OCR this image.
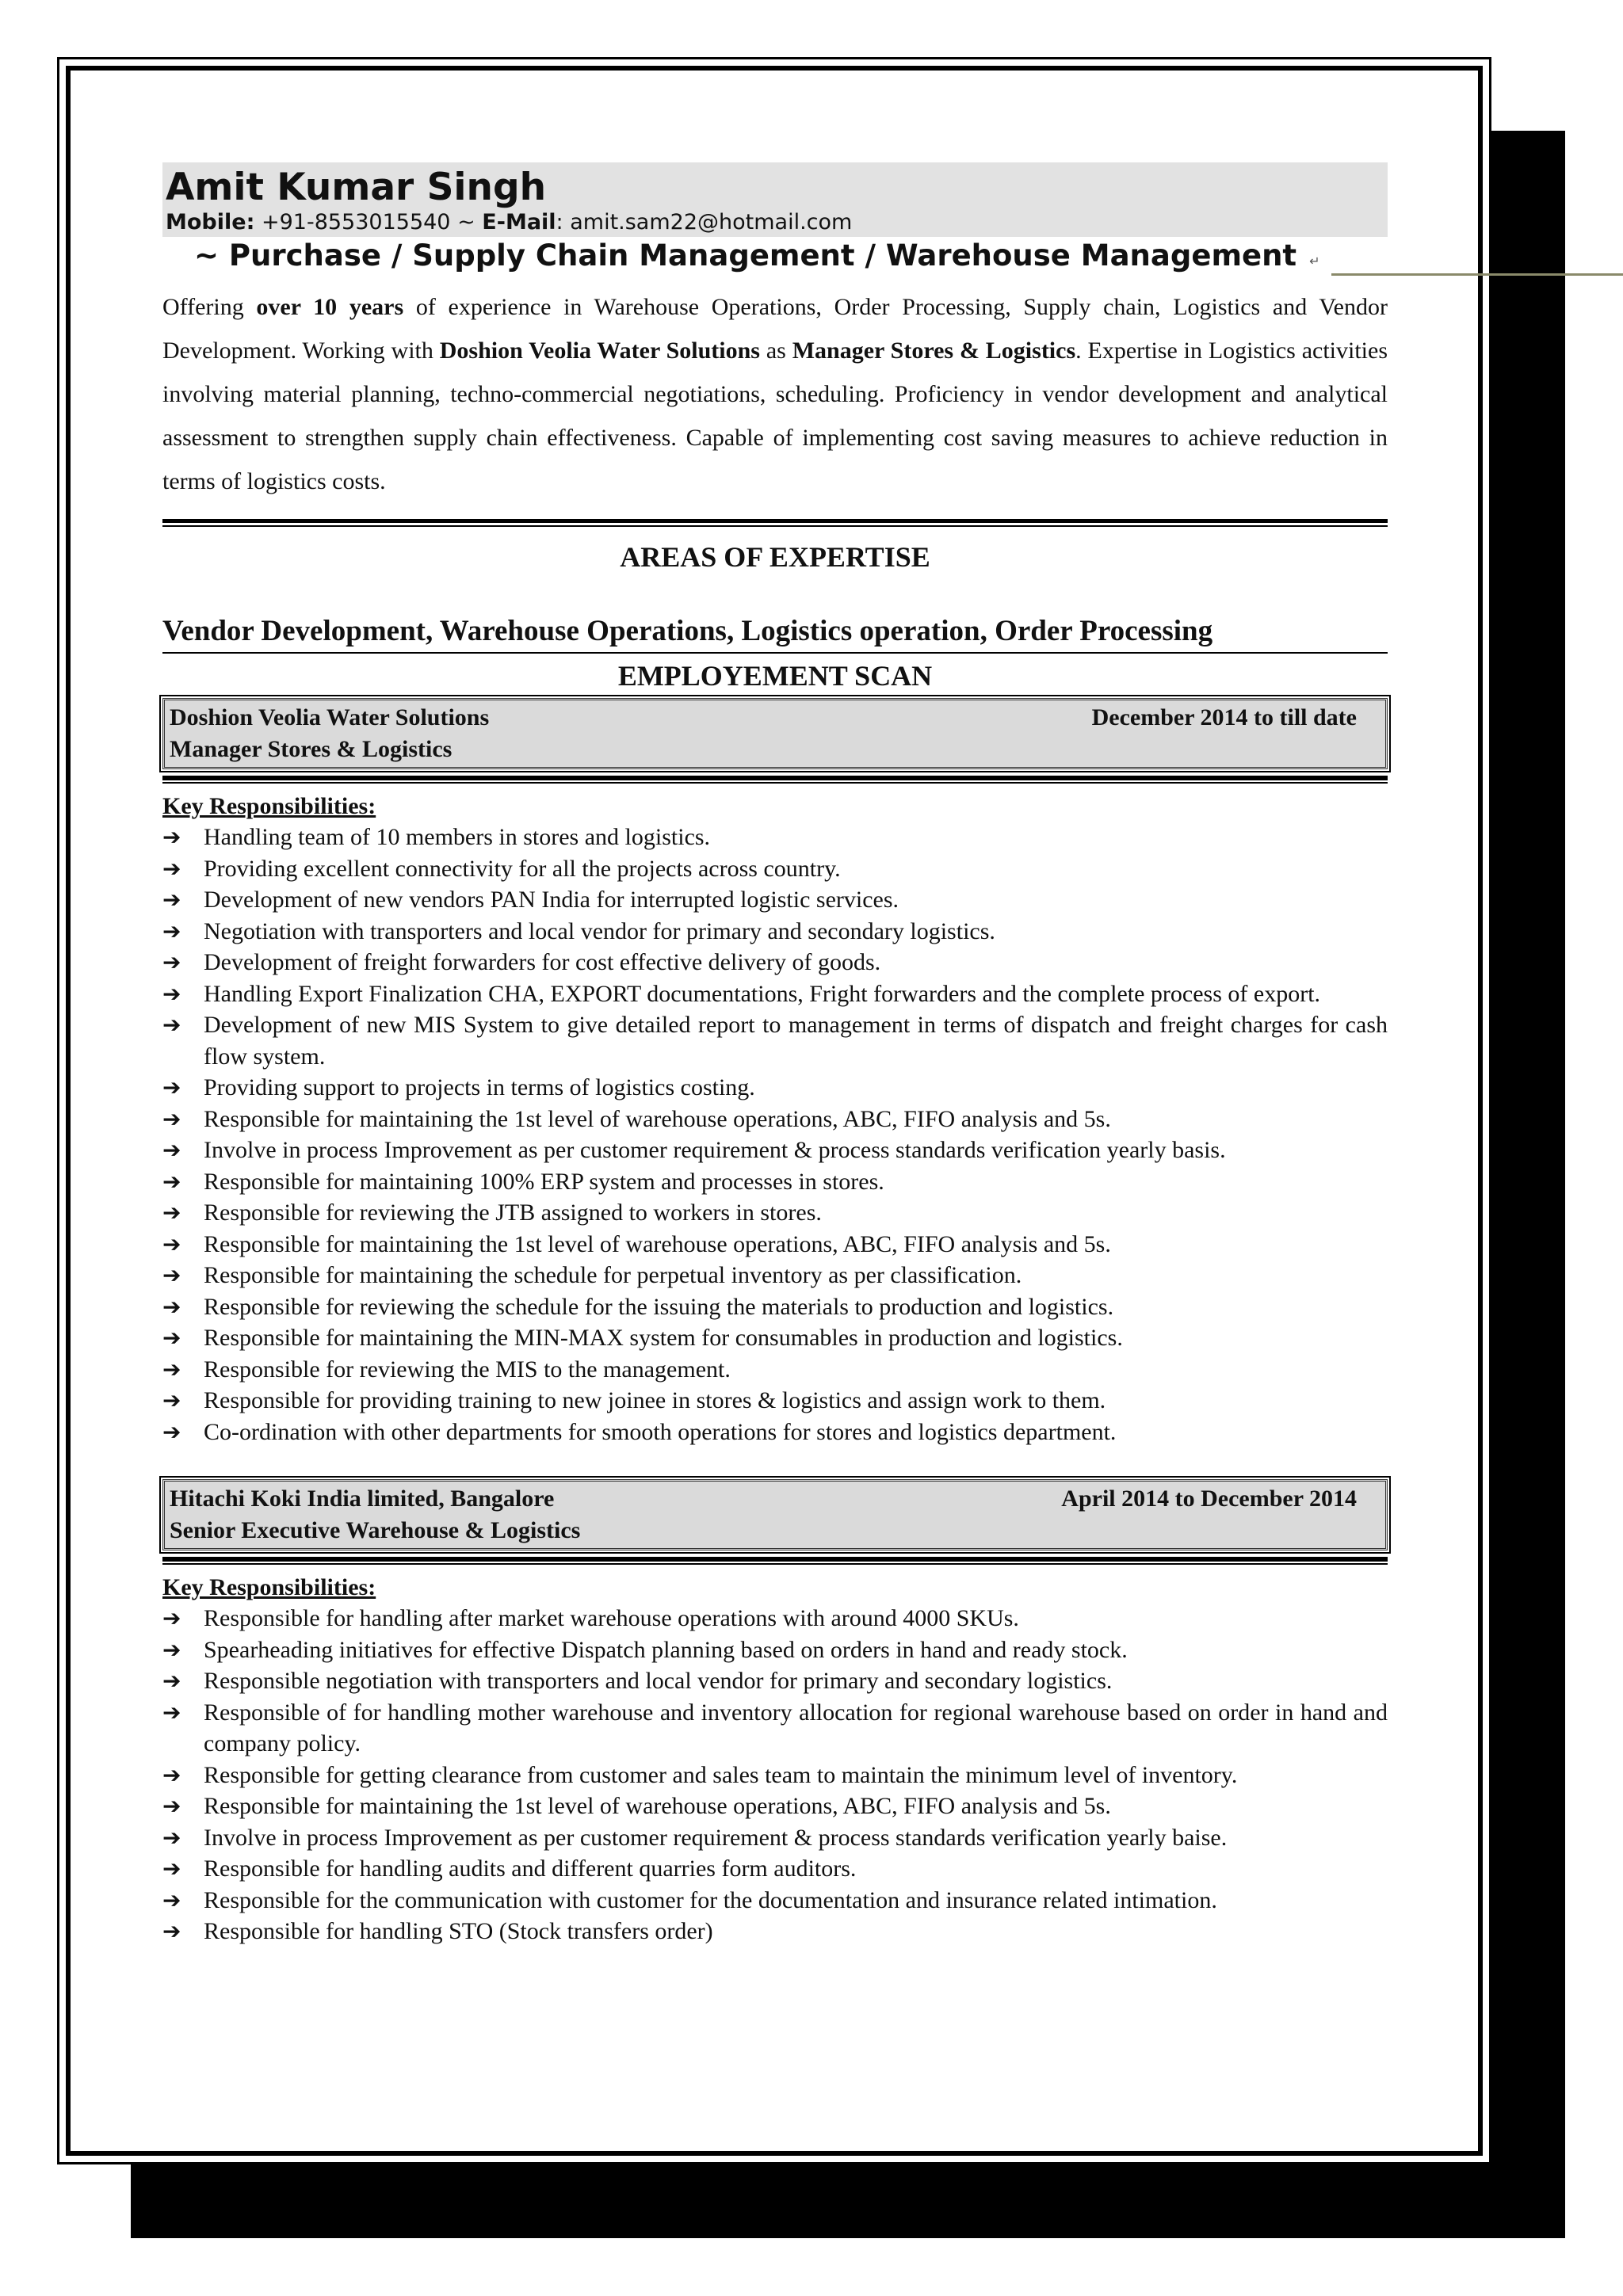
Amit Kumar Singh
Mobile: +91-8553015540 ~ E-Mail: amit.sam22@hotmail.com
~ Purchase / Supply Chain Management / Warehouse Management ↵
Offering over 10 years of experience in Warehouse Operations, Order Processing, Supply chain, Logistics and Vendor Development. Working with Doshion Veolia Water Solutions as Manager Stores & Logistics. Expertise in Logistics activities involving material planning, techno-commercial negotiations, scheduling. Proficiency in vendor development and analytical assessment to strengthen supply chain effectiveness. Capable of implementing cost saving measures to achieve reduction in terms of logistics costs.
AREAS OF EXPERTISE
Vendor Development, Warehouse Operations, Logistics operation, Order Processing
EMPLOYEMENT SCAN
Doshion Veolia Water Solutions	December 2014 to till date
Manager Stores & Logistics
Key Responsibilities:
➔ Handling team of 10 members in stores and logistics.
➔ Providing excellent connectivity for all the projects across country.
➔ Development of new vendors PAN India for interrupted logistic services.
➔ Negotiation with transporters and local vendor for primary and secondary logistics.
➔ Development of freight forwarders for cost effective delivery of goods.
➔ Handling Export Finalization CHA, EXPORT documentations, Fright forwarders and the complete process of export.
➔ Development of new MIS System to give detailed report to management in terms of dispatch and freight charges for cash flow system.
➔ Providing support to projects in terms of logistics costing.
➔ Responsible for maintaining the 1st level of warehouse operations, ABC, FIFO analysis and 5s.
➔ Involve in process Improvement as per customer requirement & process standards verification yearly basis.
➔ Responsible for maintaining 100% ERP system and processes in stores.
➔ Responsible for reviewing the JTB assigned to workers in stores.
➔ Responsible for maintaining the 1st level of warehouse operations, ABC, FIFO analysis and 5s.
➔ Responsible for maintaining the schedule for perpetual inventory as per classification.
➔ Responsible for reviewing the schedule for the issuing the materials to production and logistics.
➔ Responsible for maintaining the MIN-MAX system for consumables in production and logistics.
➔ Responsible for reviewing the MIS to the management.
➔ Responsible for providing training to new joinee in stores & logistics and assign work to them.
➔ Co-ordination with other departments for smooth operations for stores and logistics department.
Hitachi Koki India limited, Bangalore	April 2014 to December 2014
Senior Executive Warehouse & Logistics
Key Responsibilities:
➔ Responsible for handling after market warehouse operations with around 4000 SKUs.
➔ Spearheading initiatives for effective Dispatch planning based on orders in hand and ready stock.
➔ Responsible negotiation with transporters and local vendor for primary and secondary logistics.
➔ Responsible of for handling mother warehouse and inventory allocation for regional warehouse based on order in hand and company policy.
➔ Responsible for getting clearance from customer and sales team to maintain the minimum level of inventory.
➔ Responsible for maintaining the 1st level of warehouse operations, ABC, FIFO analysis and 5s.
➔ Involve in process Improvement as per customer requirement & process standards verification yearly baise.
➔ Responsible for handling audits and different quarries form auditors.
➔ Responsible for the communication with customer for the documentation and insurance related intimation.
➔ Responsible for handling STO (Stock transfers order)
